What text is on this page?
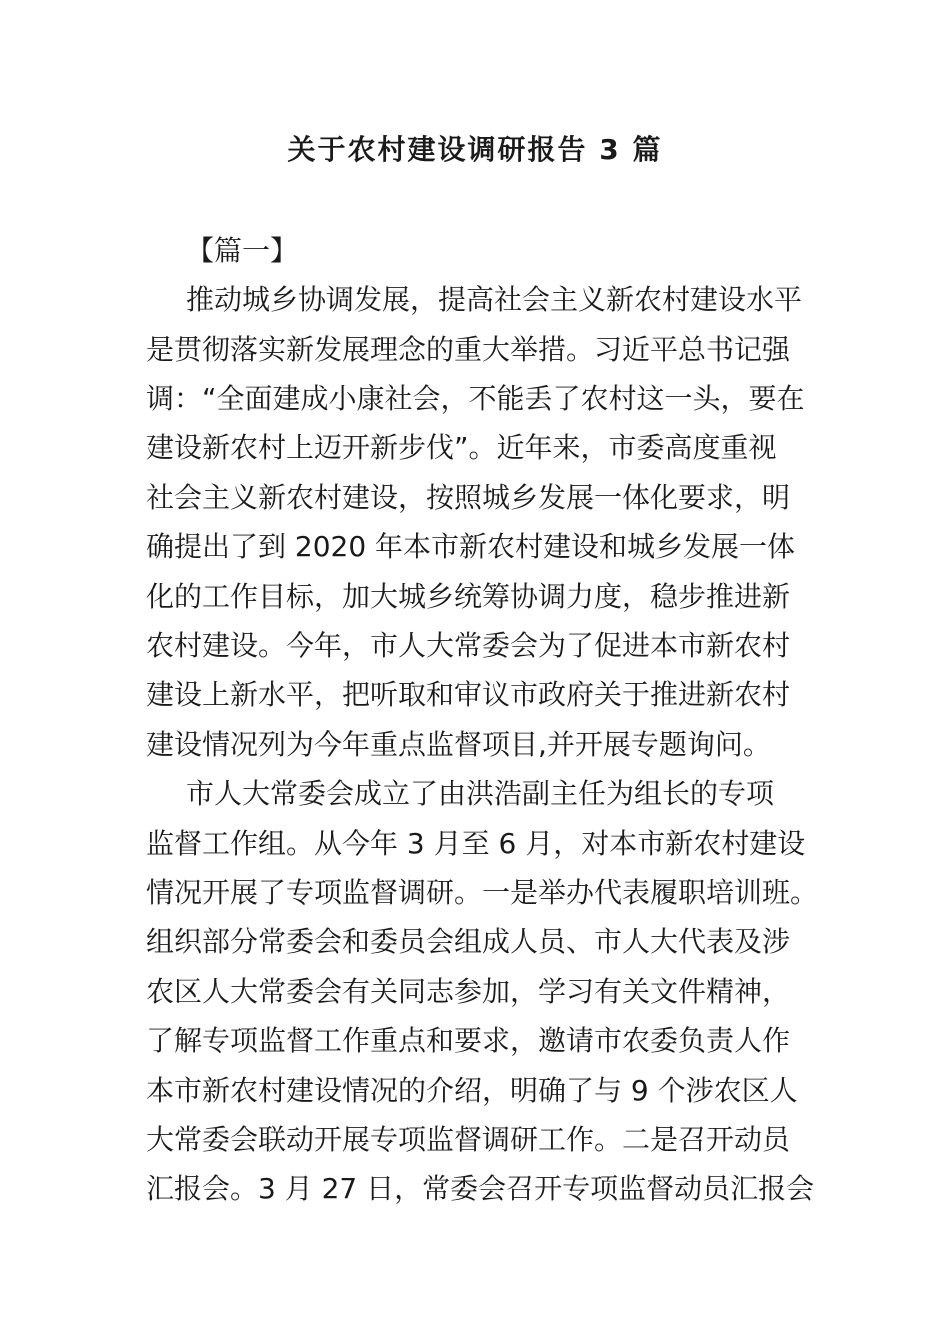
关于农村建设调研报告 3 篇

【篇一】

推动城乡协调发展，提高社会主义新农村建设水平

是贯彻落实新发展理念的重大举措。习近平总书记强

调：“全面建成小康社会，不能丢了农村这一头，要在

建设新农村上迈开新步伐”。近年来，市委高度重视

社会主义新农村建设，按照城乡发展一体化要求，明

确提出了到 2020 年本市新农村建设和城乡发展一体

化的工作目标，加大城乡统筹协调力度，稳步推进新

农村建设。今年，市人大常委会为了促进本市新农村

建设上新水平，把听取和审议市政府关于推进新农村

建设情况列为今年重点监督项目,并开展专题询问。

市人大常委会成立了由洪浩副主任为组长的专项

监督工作组。从今年 3 月至 6 月，对本市新农村建设

情况开展了专项监督调研。一是举办代表履职培训班。

组织部分常委会和委员会组成人员、市人大代表及涉

农区人大常委会有关同志参加，学习有关文件精神，

了解专项监督工作重点和要求，邀请市农委负责人作

本市新农村建设情况的介绍，明确了与 9 个涉农区人

大常委会联动开展专项监督调研工作。二是召开动员

汇报会。3 月 27 日，常委会召开专项监督动员汇报会
